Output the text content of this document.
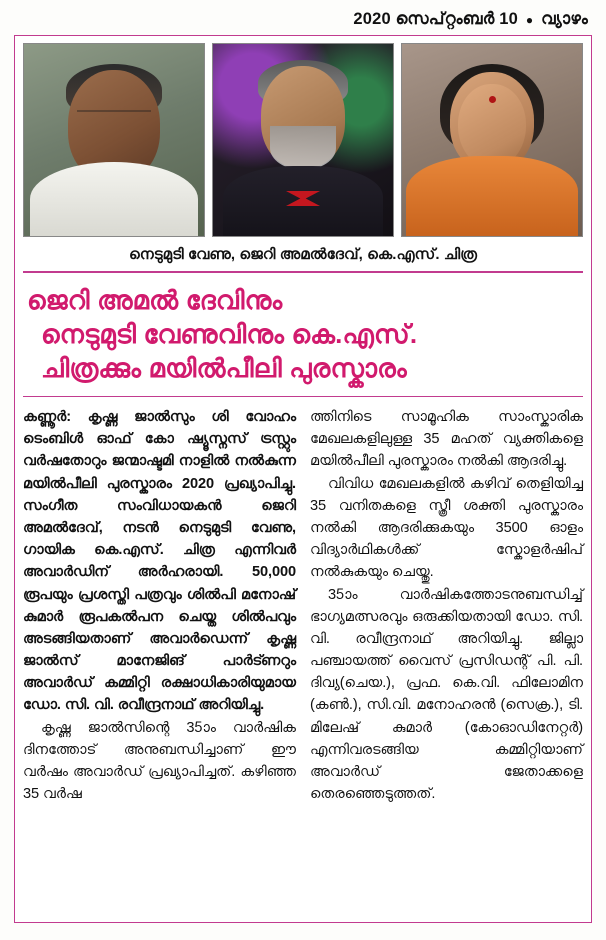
2020 സെപ്റ്റംബർ 10 ● വ്യാഴം
നെടുമുടി വേണു, ജെറി അമൽദേവ്, കെ.എസ്. ചിത്ര
ജെറി അമൽ ദേവിനും
നെടുമുടി വേണുവിനും കെ.എസ്.
ചിത്രക്കും മയിൽപീലി പുരസ്കാരം

കണ്ണൂർ: കൃഷ്ണ ജാൽസും ശി വോഹം ടെംബിൾ ഓഫ് കോ ഷ്യൂസ്നസ് ട്രസ്റ്റും വർഷതോറും ജന്മാഷ്ടമി നാളിൽ നൽകുന്ന മയിൽപീലി പുരസ്കാരം 2020 പ്രഖ്യാപിച്ചു. സംഗീത സംവിധായകൻ ജെറി അമൽദേവ്, നടൻ നെടുമുടി വേണു, ഗായിക കെ.എസ്. ചിത്ര എന്നിവർ അവാർഡിന് അർഹരായി. 50,000 രൂപയും പ്രശസ്തി പത്രവും ശിൽപി മനോഷ് കുമാർ രൂപകൽപന ചെയ്ത ശിൽപവും അടങ്ങിയതാണ് അവാർഡെന്ന് കൃഷ്ണ ജാൽസ് മാനേജിങ് പാർട്ണറും അവാർഡ് കമ്മിറ്റി രക്ഷാധികാരിയുമായ ഡോ. സി. വി. രവീന്ദ്രനാഥ് അറിയിച്ചു.

കൃഷ്ണ ജാൽസിന്റെ 35ാം വാർഷിക ദിനത്തോട് അനുബന്ധിച്ചാണ് ഈ വർഷം അവാർഡ് പ്രഖ്യാപിച്ചത്. കഴിഞ്ഞ 35 വർഷ

ത്തിനിടെ സാമൂഹിക സാംസ്കാരിക മേഖലകളിലുള്ള 35 മഹത് വ്യക്തികളെ മയിൽപീലി പുരസ്കാരം നൽകി ആദരിച്ചു.

വിവിധ മേഖലകളിൽ കഴിവ് തെളിയിച്ച 35 വനിതകളെ സ്ത്രീ ശക്തി പുരസ്കാരം നൽകി ആദരിക്കുകയും 3500 ഓളം വിദ്യാർഥികൾക്ക് സ്കോളർഷിപ് നൽകുകയും ചെയ്തു.

35ാം വാർഷികത്തോടനുബന്ധിച്ച് ഭാഗ്യമത്സരവും ഒരുക്കിയതായി ഡോ. സി. വി. രവീന്ദ്രനാഥ് അറിയിച്ചു. ജില്ലാ പഞ്ചായത്ത് വൈസ് പ്രസിഡന്റ് പി. പി. ദിവ്യ(ചെയ.), പ്രഫ. കെ.വി. ഫിലോമിന (കൺ.), സി.വി. മനോഹരൻ (സെക്ര.), ടി. മിലേഷ് കുമാർ (കോഓഡിനേറ്റർ) എന്നിവരടങ്ങിയ കമ്മിറ്റിയാണ് അവാർഡ് ജേതാക്കളെ തെരഞ്ഞെടുത്തത്.
